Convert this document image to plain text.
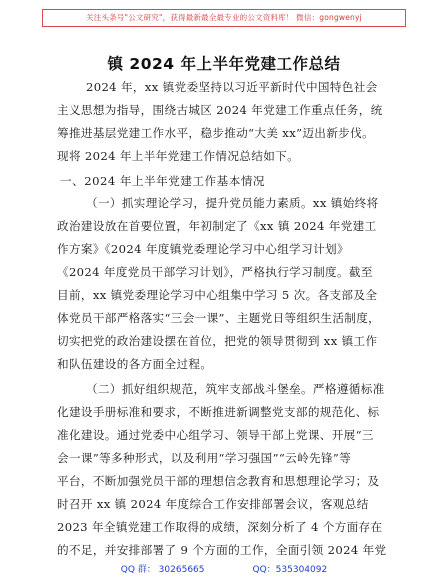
关注头条号"公文研究"，获得最新最全最专业的公文资料库！ 微信：gongwenyj
镇 2024 年上半年党建工作总结
2024 年，xx 镇党委坚持以习近平新时代中国特色社会
主义思想为指导，围绕古城区 2024 年党建工作重点任务，统
筹推进基层党建工作水平，稳步推动“大美 xx”迈出新步伐。
现将 2024 年上半年党建工作情况总结如下。
一、2024 年上半年党建工作基本情况
（一）抓实理论学习，提升党员能力素质。xx 镇始终将
政治建设放在首要位置，年初制定了《xx 镇 2024 年党建工
作方案》《2024 年度镇党委理论学习中心组学习计划》
《2024 年度党员干部学习计划》，严格执行学习制度。截至
目前，xx 镇党委理论学习中心组集中学习 5 次。各支部及全
体党员干部严格落实“三会一课”、主题党日等组织生活制度，
切实把党的政治建设摆在首位，把党的领导贯彻到 xx 镇工作
和队伍建设的各方面全过程。
（二）抓好组织规范，筑牢支部战斗堡垒。严格遵循标准
化建设手册标准和要求，不断推进新调整党支部的规范化、标
准化建设。通过党委中心组学习、领导干部上党课、开展“三
会一课”等多种形式，以及利用“学习强国”“云岭先锋”等
平台，不断加强党员干部的理想信念教育和思想理论学习；及
时召开 xx 镇 2024 年度综合工作安排部署会议，客观总结
2023 年全镇党建工作取得的成绩，深刻分析了 4 个方面存在
的不足，并安排部署了 9 个方面的工作，全面引领 2024 年党
QQ 群： 30265665	QQ：535304092
